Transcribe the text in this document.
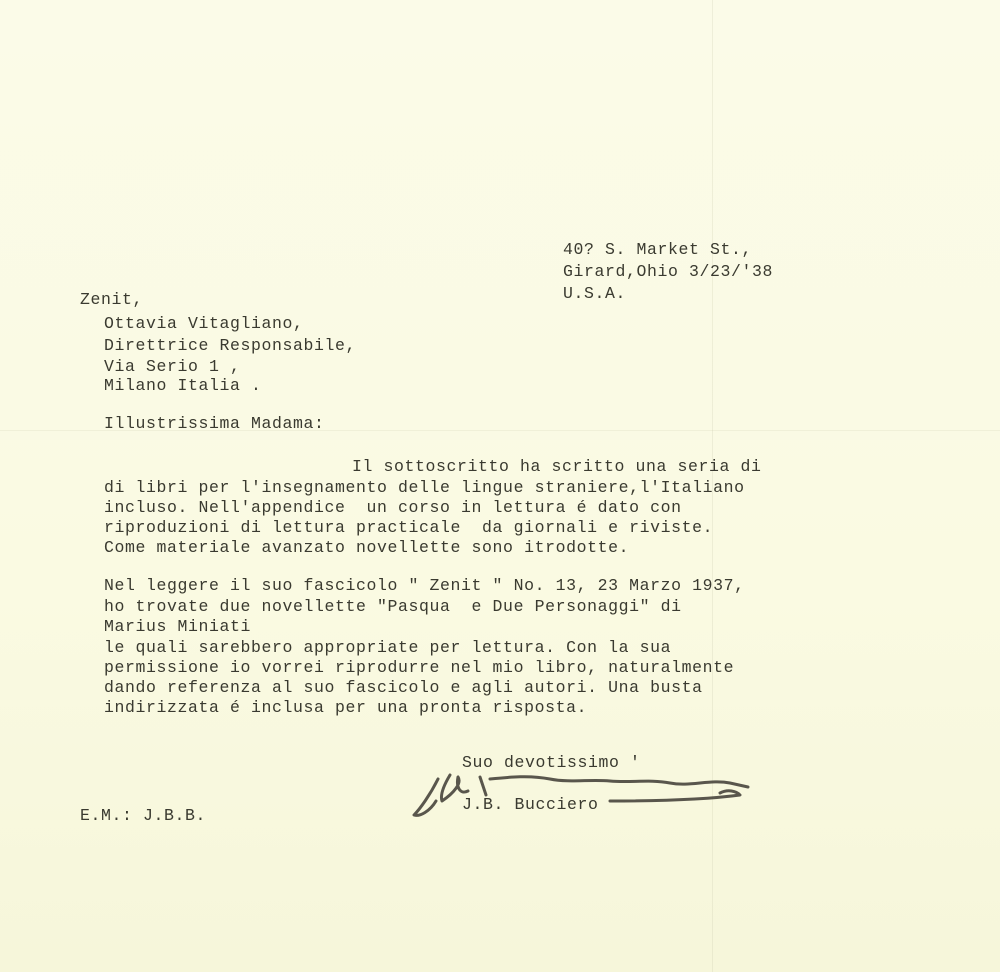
40? S. Market St.,
Girard,Ohio 3/23/'38
U.S.A.
Zenit,
Ottavia Vitagliano,
Direttrice Responsabile,
Via Serio 1 ,
Milano Italia .
Illustrissima Madama:
Il sottoscritto ha scritto una seria di
di libri per l'insegnamento delle lingue straniere,l'Italiano
incluso. Nell'appendice  un corso in lettura é dato con
riproduzioni di lettura practicale  da giornali e riviste.
Come materiale avanzato novellette sono itrodotte.
Nel leggere il suo fascicolo " Zenit " No. 13, 23 Marzo 1937,
ho trovate due novellette "Pasqua  e Due Personaggi" di
Marius Miniati
le quali sarebbero appropriate per lettura. Con la sua
permissione io vorrei riprodurre nel mio libro, naturalmente
dando referenza al suo fascicolo e agli autori. Una busta
indirizzata é inclusa per una pronta risposta.
Suo devotissimo '
J.B. Bucciero
E.M.: J.B.B.
